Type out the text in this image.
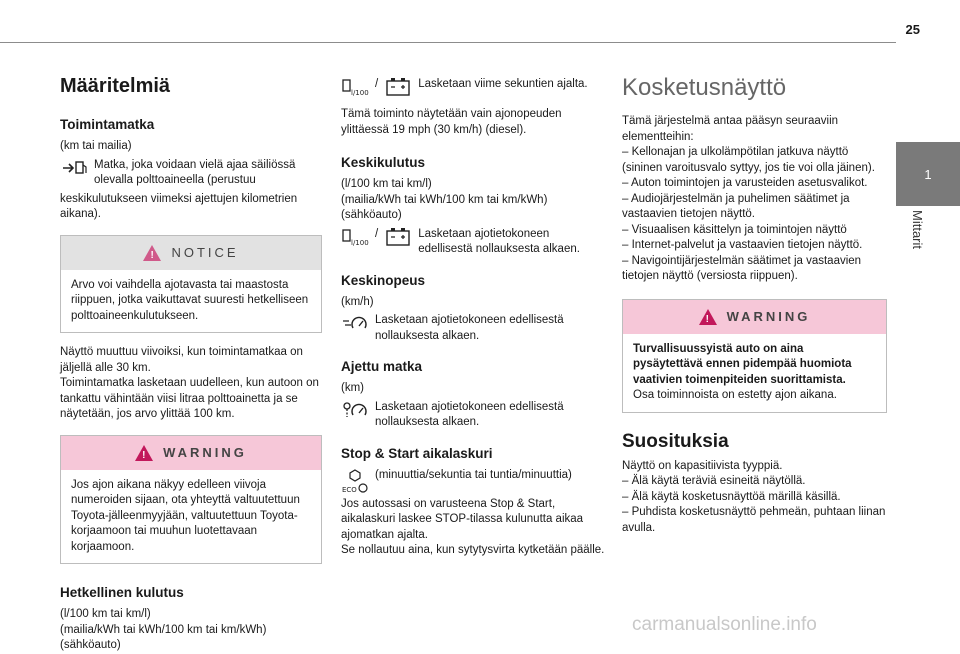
25
1
Mittarit
Määritelmiä
Toimintamatka

(km tai mailia)

Matka, joka voidaan vielä ajaa säiliössä olevalla polttoaineella (perustuu

keskikulutukseen viimeksi ajettujen kilometrien aikana).

! NOTICE
Arvo voi vaihdella ajotavasta tai maastosta riippuen, jotka vaikuttavat suuresti hetkelliseen polttoaineenkulutukseen.

Näyttö muuttuu viivoiksi, kun toimintamatkaa on jäljellä alle 30 km.

Toimintamatka lasketaan uudelleen, kun autoon on tankattu vähintään viisi litraa polttoainetta ja se näytetään, jos arvo ylittää 100 km.

! WARNING
Jos ajon aikana näkyy edelleen viivoja numeroiden sijaan, ota yhteyttä valtuutettuun Toyota-jälleenmyyjään, valtuutettuun Toyota-korjaamoon tai muuhun luotettavaan korjaamoon.
Hetkellinen kulutus

(l/100 km tai km/l)

(mailia/kWh tai kWh/100 km tai km/kWh)

(sähköauto)

l/100
/	Lasketaan viime sekuntien ajalta.

Tämä toiminto näytetään vain ajonopeuden ylittäessä 19 mph (30 km/h) (diesel).

Keskikulutus

(l/100 km tai km/l)

(mailia/kWh tai kWh/100 km tai km/kWh)

(sähköauto)

l/100
/	Lasketaan ajotietokoneen edellisestä nollauksesta alkaen.
Keskinopeus

(km/h)

Lasketaan ajotietokoneen edellisestä nollauksesta alkaen.
Ajettu matka

(km)

Lasketaan ajotietokoneen edellisestä nollauksesta alkaen.
Stop & Start aikalaskuri
ECO
(minuuttia/sekuntia tai tuntia/minuuttia)

Jos autossasi on varusteena Stop & Start, aikalaskuri laskee STOP-tilassa kulunutta aikaa ajomatkan ajalta.

Se nollautuu aina, kun sytytysvirta kytketään päälle.

Kosketusnäyttö

Tämä järjestelmä antaa pääsyn seuraaviin elementteihin:

– Kellonajan ja ulkolämpötilan jatkuva näyttö (sininen varoitusvalo syttyy, jos tie voi olla jäinen).

– Auton toimintojen ja varusteiden asetusvalikot.

– Audiojärjestelmän ja puhelimen säätimet ja vastaavien tietojen näyttö.

– Visuaalisen käsittelyn ja toimintojen näyttö

– Internet-palvelut ja vastaavien tietojen näyttö.

– Navigointijärjestelmän säätimet ja vastaavien tietojen näyttö (versiosta riippuen).

! WARNING

Turvallisuussyistä auto on aina pysäytettävä ennen pidempää huomiota vaativien toimenpiteiden suorittamista.

Osa toiminnoista on estetty ajon aikana.

Suosituksia

Näyttö on kapasitiivista tyyppiä.

– Älä käytä teräviä esineitä näytöllä.

– Älä käytä kosketusnäyttöä märillä käsillä.

– Puhdista kosketusnäyttö pehmeän, puhtaan liinan avulla.

carmanualsonline.info
